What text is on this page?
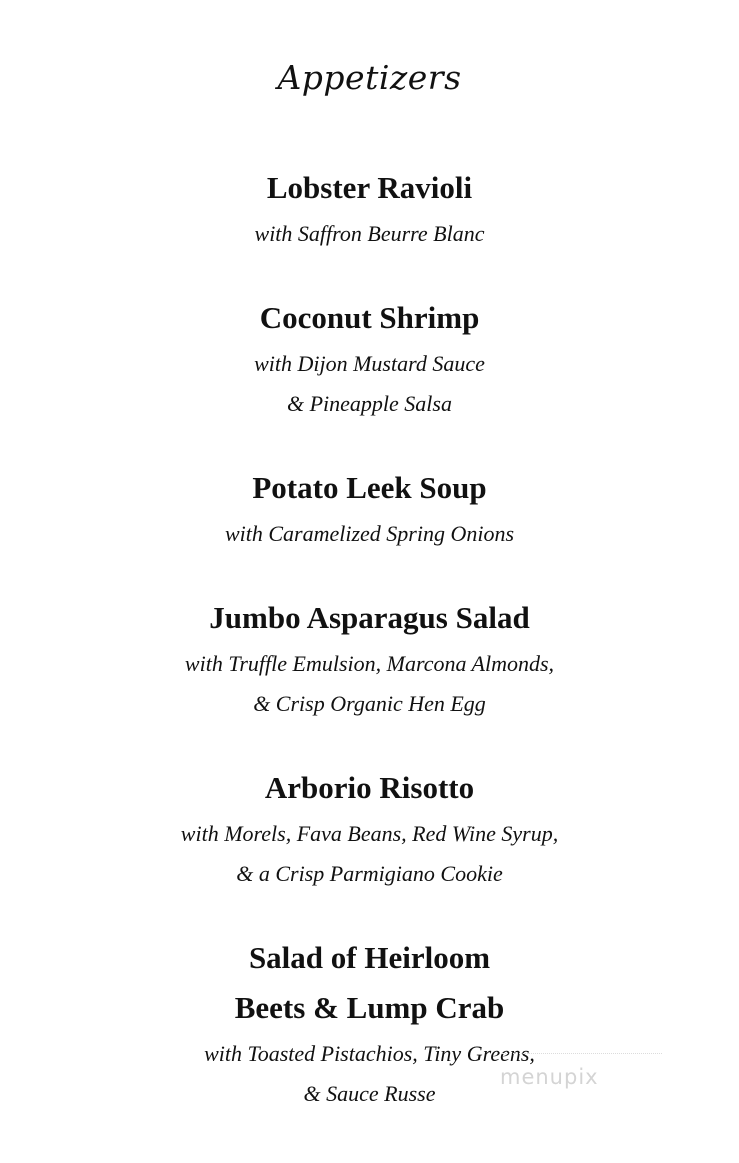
Appetizers
Lobster Ravioli
with Saffron Beurre Blanc
Coconut Shrimp
with Dijon Mustard Sauce
& Pineapple Salsa
Potato Leek Soup
with Caramelized Spring Onions
Jumbo Asparagus Salad
with Truffle Emulsion, Marcona Almonds,
& Crisp Organic Hen Egg
Arborio Risotto
with Morels, Fava Beans, Red Wine Syrup,
& a Crisp Parmigiano Cookie
Salad of Heirloom
Beets & Lump Crab
with Toasted Pistachios, Tiny Greens,
& Sauce Russe
menupix
